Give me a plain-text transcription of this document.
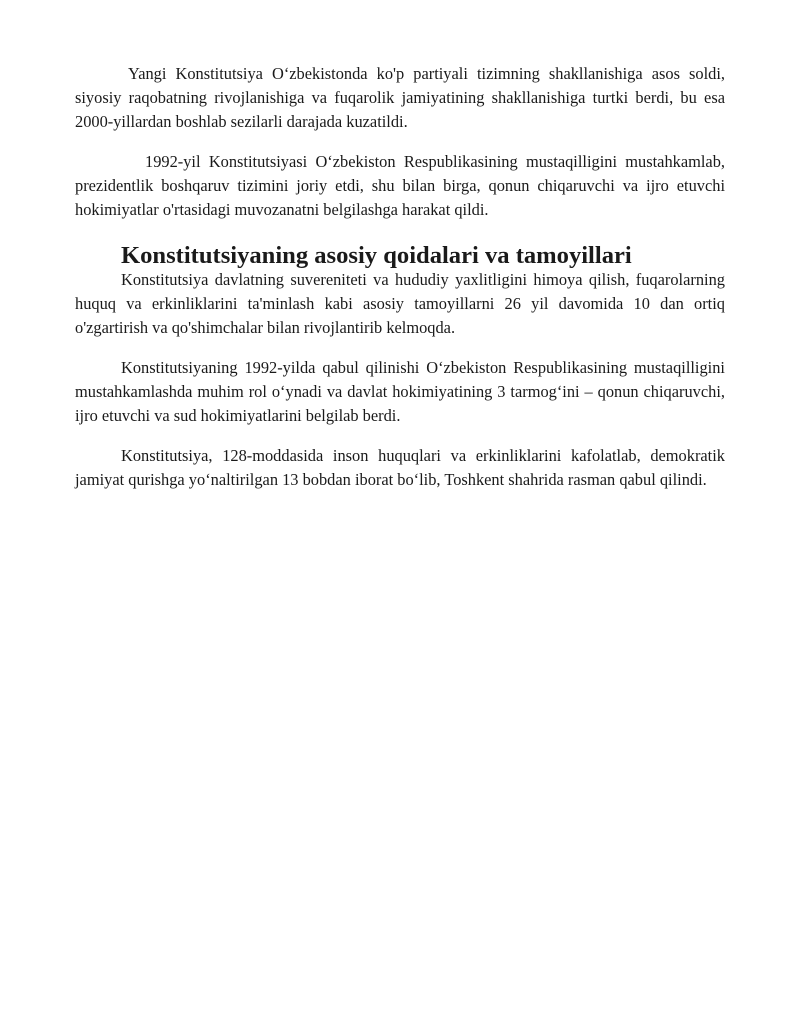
Yangi Konstitutsiya O‘zbekistonda ko'p partiyali tizimning shakllanishiga asos soldi, siyosiy raqobatning rivojlanishiga va fuqarolik jamiyatining shakllanishiga turtki berdi, bu esa 2000-yillardan boshlab sezilarli darajada kuzatildi.

1992-yil Konstitutsiyasi O‘zbekiston Respublikasining mustaqilligini mustahkamlab, prezidentlik boshqaruv tizimini joriy etdi, shu bilan birga, qonun chiqaruvchi va ijro etuvchi hokimiyatlar o'rtasidagi muvozanatni belgilashga harakat qildi.

Konstitutsiyaning asosiy qoidalari va tamoyillari

Konstitutsiya davlatning suvereniteti va hududiy yaxlitligini himoya qilish, fuqarolarning huquq va erkinliklarini ta'minlash kabi asosiy tamoyillarni 26 yil davomida 10 dan ortiq o'zgartirish va qo'shimchalar bilan rivojlantirib kelmoqda.

Konstitutsiyaning 1992-yilda qabul qilinishi O‘zbekiston Respublikasining mustaqilligini mustahkamlashda muhim rol o‘ynadi va davlat hokimiyatining 3 tarmog‘ini – qonun chiqaruvchi, ijro etuvchi va sud hokimiyatlarini belgilab berdi.

Konstitutsiya, 128-moddasida inson huquqlari va erkinliklarini kafolatlab, demokratik jamiyat qurishga yo‘naltirilgan 13 bobdan iborat bo‘lib, Toshkent shahrida rasman qabul qilindi.
